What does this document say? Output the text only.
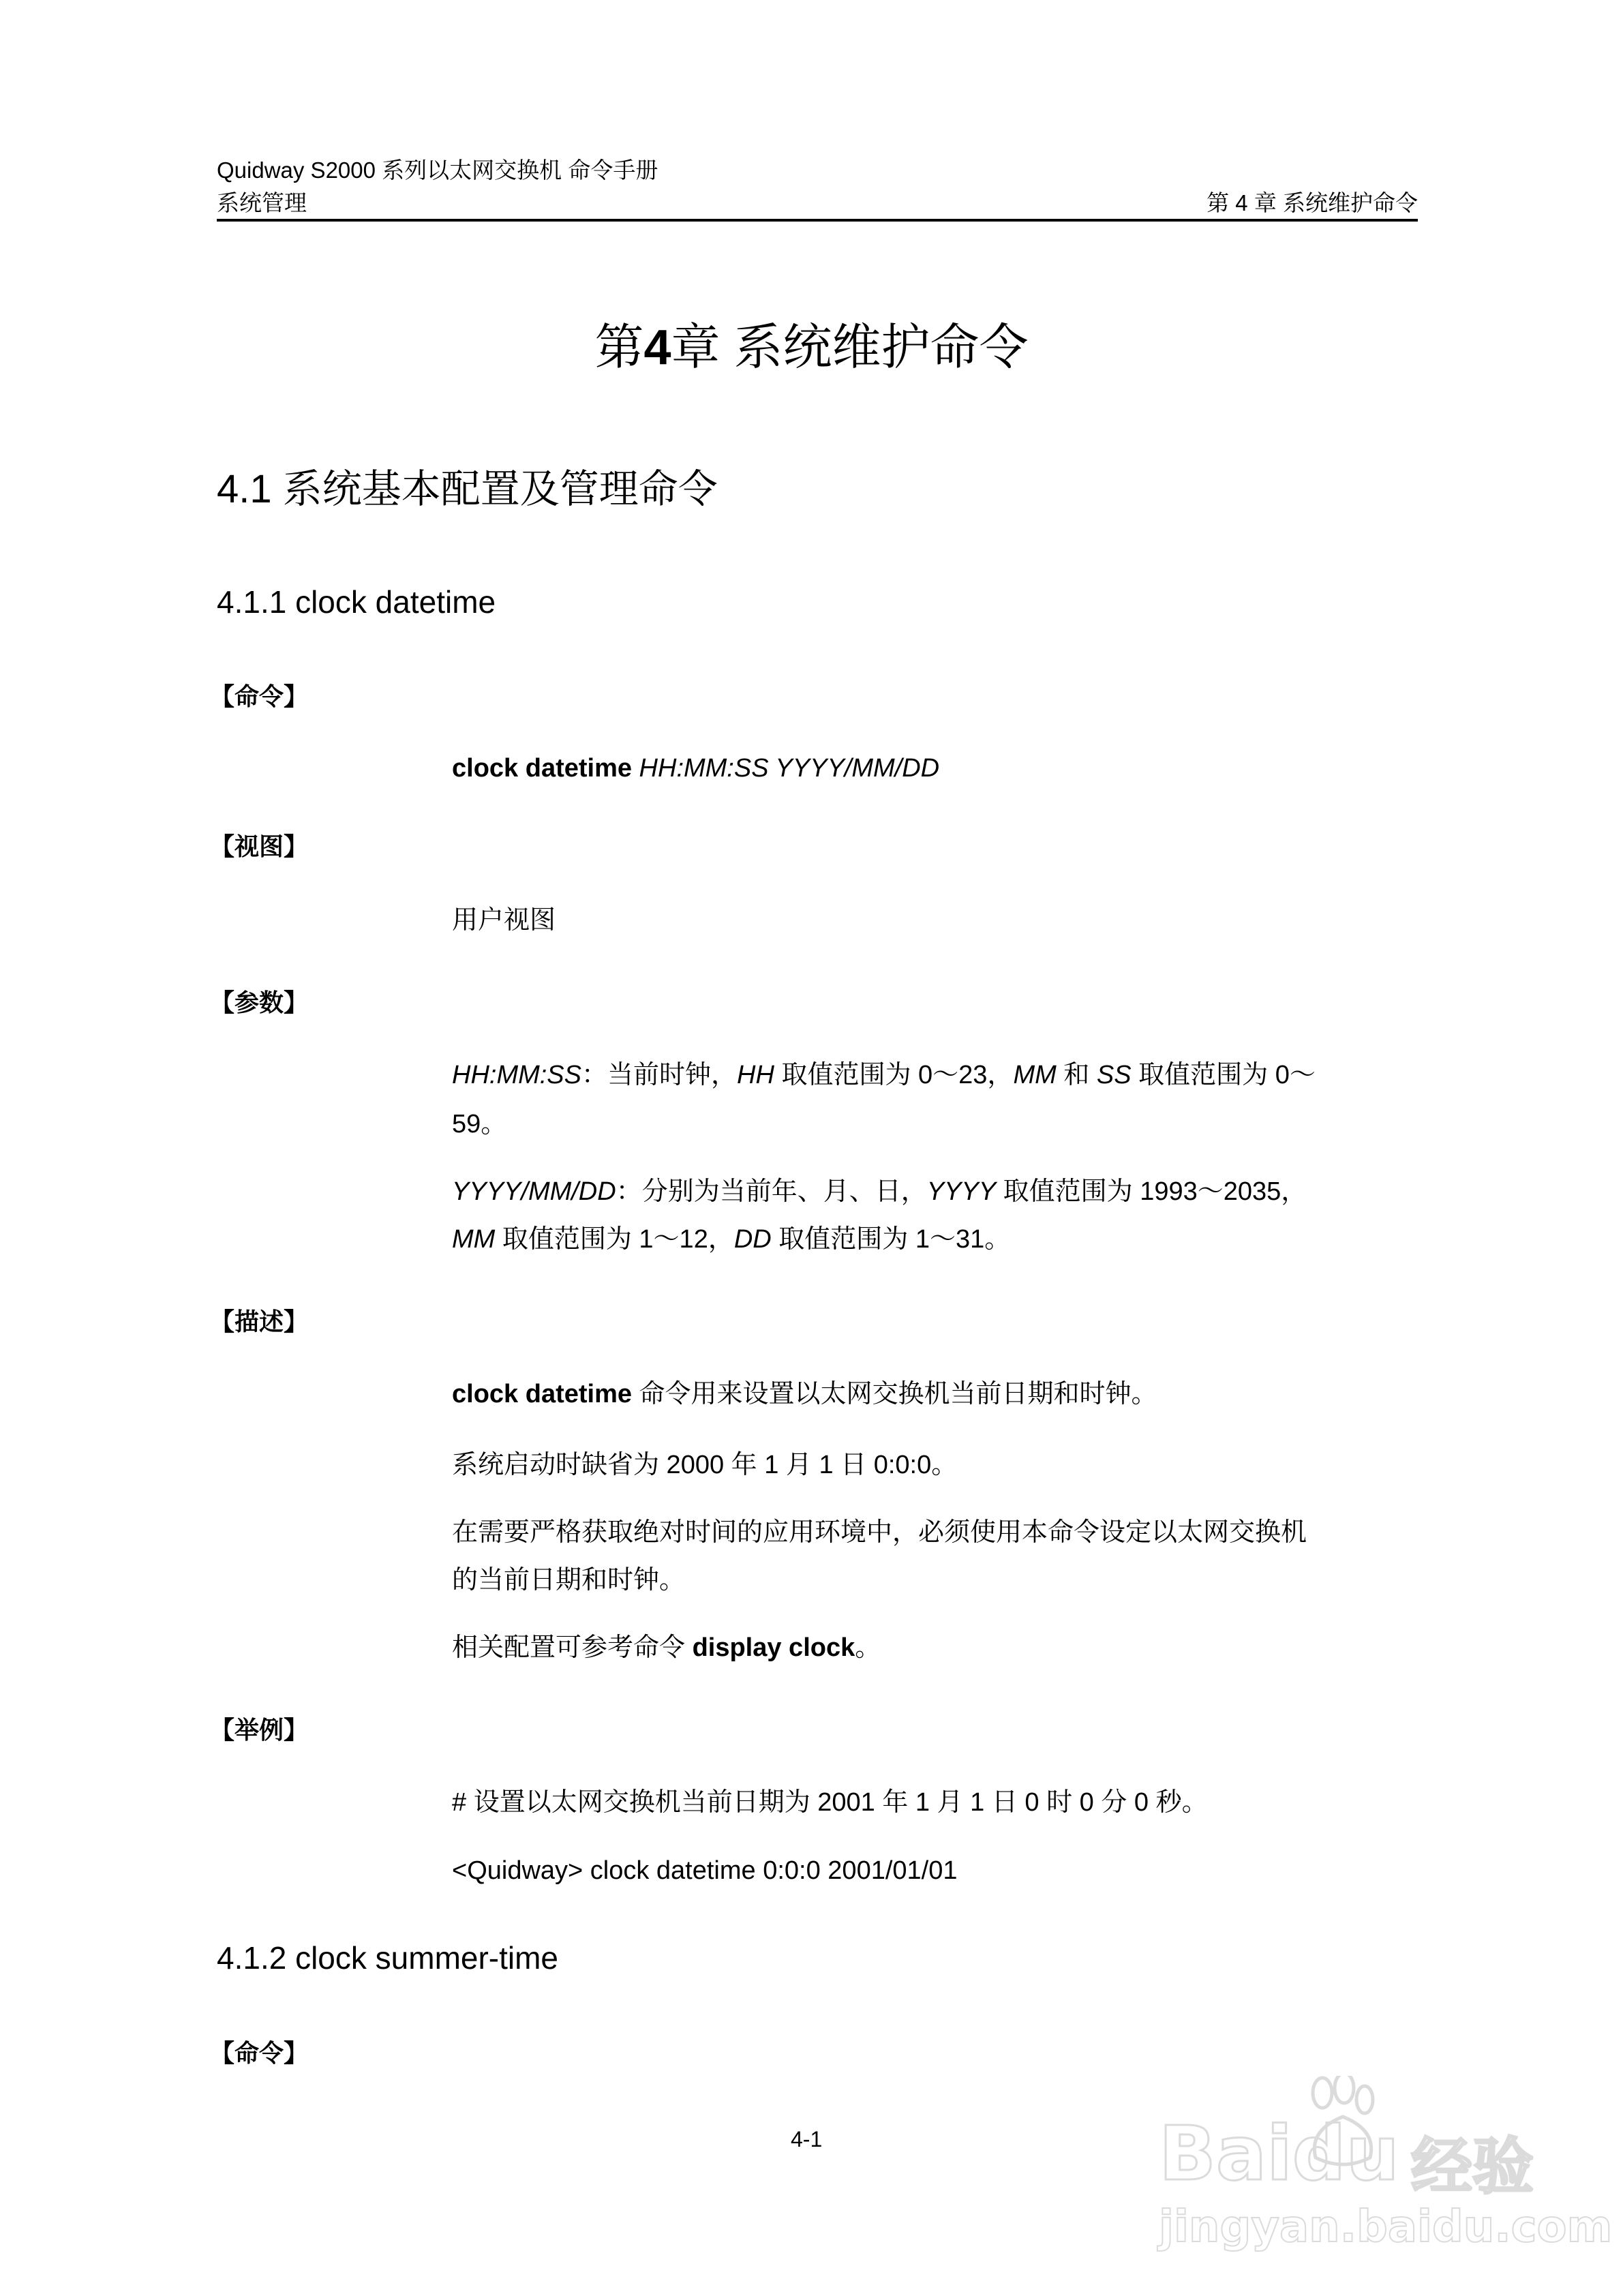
Quidway S2000 系列以太网交换机 命令手册
系统管理	第 4 章 系统维护命令
第4章 系统维护命令
4.1 系统基本配置及管理命令
4.1.1 clock datetime
【命令】
clock datetime HH:MM:SS YYYY/MM/DD
【视图】
用户视图
【参数】
HH:MM:SS：当前时钟，HH 取值范围为 0～23，MM 和 SS 取值范围为 0～
59。
YYYY/MM/DD：分别为当前年、月、日，YYYY 取值范围为 1993～2035，
MM 取值范围为 1～12，DD 取值范围为 1～31。
【描述】
clock datetime 命令用来设置以太网交换机当前日期和时钟。
系统启动时缺省为 2000 年 1 月 1 日 0:0:0。
在需要严格获取绝对时间的应用环境中，必须使用本命令设定以太网交换机
的当前日期和时钟。
相关配置可参考命令 display clock。
【举例】
# 设置以太网交换机当前日期为 2001 年 1 月 1 日 0 时 0 分 0 秒。
<Quidway> clock datetime 0:0:0 2001/01/01
4.1.2 clock summer-time
【命令】
4-1	Baidu 经验
jingyan.baidu.com
